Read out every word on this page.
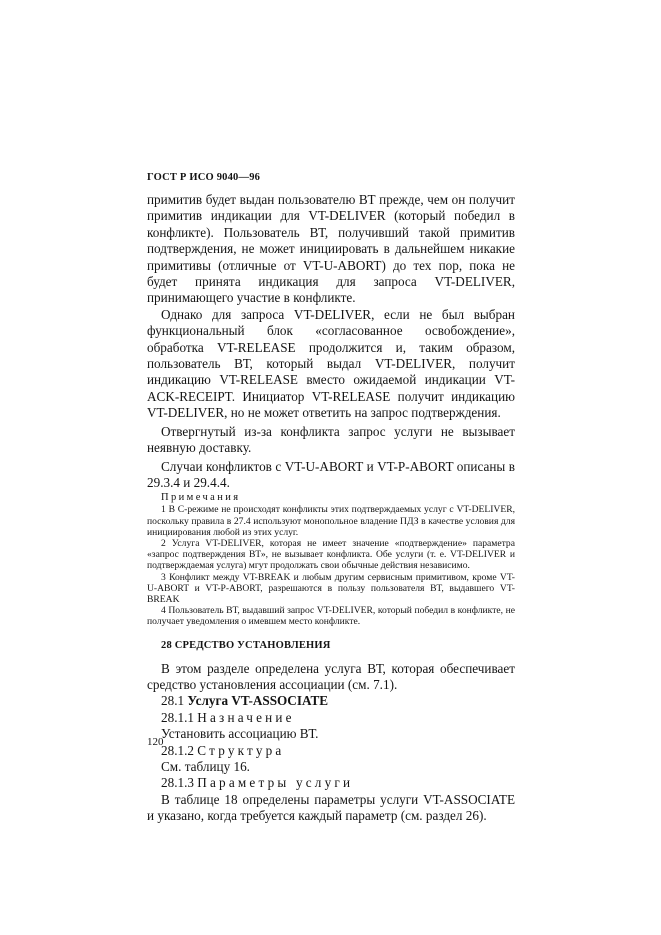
ГОСТ Р ИСО 9040—96

примитив будет выдан пользователю ВТ прежде, чем он получит примитив индикации для VT-DELIVER (который победил в конфликте). Пользователь ВТ, получивший такой примитив подтверждения, не может инициировать в дальнейшем никакие примитивы (отличные от VT-U-ABORT) до тех пор, пока не будет принята индикация для запроса VT-DELIVER, принимающего участие в конфликте.

Однако для запроса VT-DELIVER, если не был выбран функциональный блок «согласованное освобождение», обработка VT-RELEASE продолжится и, таким образом, пользователь ВТ, который выдал VT-DELIVER, получит индикацию VT-RELEASE вместо ожидаемой индикации VT-ACK-RECEIPT. Инициатор VT-RELEASE получит индикацию VT-DELIVER, но не может ответить на запрос подтверждения.

Отвергнутый из-за конфликта запрос услуги не вызывает неявную доставку.

Случаи конфликтов с VT-U-ABORT и VT-P-ABORT описаны в 29.3.4 и 29.4.4.

Примечания

1 В С-режиме не происходят конфликты этих подтверждаемых услуг с VT-DELIVER, поскольку правила в 27.4 используют монопольное владение ПДЗ в качестве условия для инициирования любой из этих услуг.

2 Услуга VT-DELIVER, которая не имеет значение «подтверждение» параметра «запрос подтверждения ВТ», не вызывает конфликта. Обе услуги (т. е. VT-DELIVER и подтверждаемая услуга) мгут продолжать свои обычные действия независимо.

3 Конфликт между VT-BREAK и любым другим сервисным примитивом, кроме VT-U-ABORT и VT-P-ABORT, разрешаются в пользу пользователя ВТ, выдавшего VT-BREAK

4 Пользователь ВТ, выдавший запрос VT-DELIVER, который победил в конфликте, не получает уведомления о имевшем место конфликте.

28 СРЕДСТВО УСТАНОВЛЕНИЯ

В этом разделе определена услуга ВТ, которая обеспечивает средство установления ассоциации (см. 7.1).

28.1 Услуга VT-ASSOCIATE

28.1.1 Назначение

Установить ассоциацию ВТ.

28.1.2 Структура

См. таблицу 16.

28.1.3 Параметры услуги

В таблице 18 определены параметры услуги VT-ASSOCIATE и указано, когда требуется каждый параметр (см. раздел 26).

120
